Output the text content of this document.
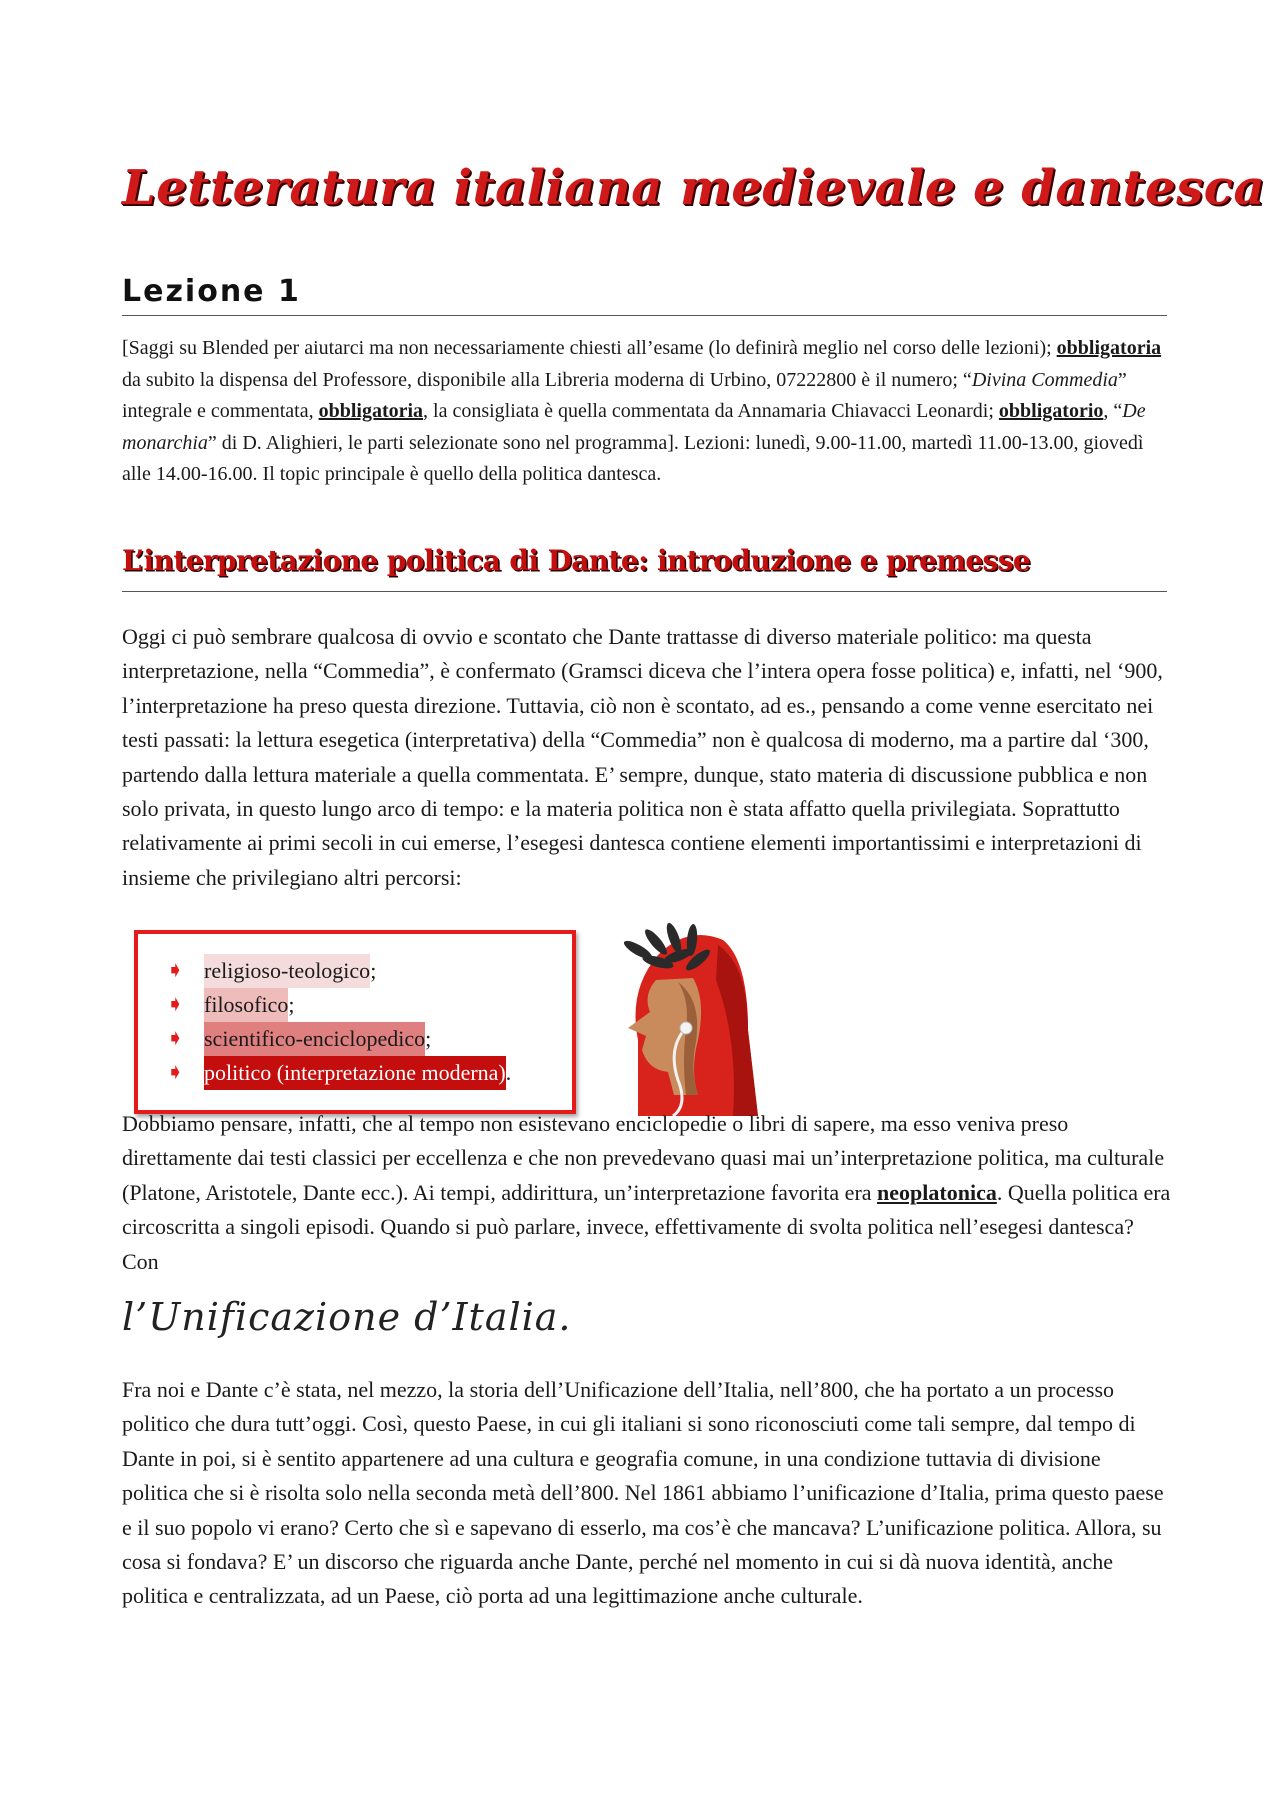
Letteratura italiana medievale e dantesca
Lezione 1
[Saggi su Blended per aiutarci ma non necessariamente chiesti all’esame (lo definirà meglio nel corso delle lezioni); obbligatoria da subito la dispensa del Professore, disponibile alla Libreria moderna di Urbino, 07222800 è il numero; “Divina Commedia” integrale e commentata, obbligatoria, la consigliata è quella commentata da Annamaria Chiavacci Leonardi; obbligatorio, “De monarchia” di D. Alighieri, le parti selezionate sono nel programma]. Lezioni: lunedì, 9.00-11.00, martedì 11.00-13.00, giovedì alle 14.00-16.00. Il topic principale è quello della politica dantesca.
L’interpretazione politica di Dante: introduzione e premesse
Oggi ci può sembrare qualcosa di ovvio e scontato che Dante trattasse di diverso materiale politico: ma questa interpretazione, nella “Commedia”, è confermato (Gramsci diceva che l’intera opera fosse politica) e, infatti, nel ‘900, l’interpretazione ha preso questa direzione. Tuttavia, ciò non è scontato, ad es., pensando a come venne esercitato nei testi passati: la lettura esegetica (interpretativa) della “Commedia” non è qualcosa di moderno, ma a partire dal ‘300, partendo dalla lettura materiale a quella commentata. E’ sempre, dunque, stato materia di discussione pubblica e non solo privata, in questo lungo arco di tempo: e la materia politica non è stata affatto quella privilegiata. Soprattutto relativamente ai primi secoli in cui emerse, l’esegesi dantesca contiene elementi importantissimi e interpretazioni di insieme che privilegiano altri percorsi:
➧ religioso-teologico ;
➧ filosofico ;
➧ scientifico-enciclopedico ;
➧ politico (interpretazione moderna) .
Dobbiamo pensare, infatti, che al tempo non esistevano enciclopedie o libri di sapere, ma esso veniva preso direttamente dai testi classici per eccellenza e che non prevedevano quasi mai un’interpretazione politica, ma culturale (Platone, Aristotele, Dante ecc.). Ai tempi, addirittura, un’interpretazione favorita era neoplatonica. Quella politica era circoscritta a singoli episodi. Quando si può parlare, invece, effettivamente di svolta politica nell’esegesi dantesca? Con
l’Unificazione d’Italia.
Fra noi e Dante c’è stata, nel mezzo, la storia dell’Unificazione dell’Italia, nell’800, che ha portato a un processo politico che dura tutt’oggi. Così, questo Paese, in cui gli italiani si sono riconosciuti come tali sempre, dal tempo di Dante in poi, si è sentito appartenere ad una cultura e geografia comune, in una condizione tuttavia di divisione politica che si è risolta solo nella seconda metà dell’800. Nel 1861 abbiamo l’unificazione d’Italia, prima questo paese e il suo popolo vi erano? Certo che sì e sapevano di esserlo, ma cos’è che mancava? L’unificazione politica. Allora, su cosa si fondava? E’ un discorso che riguarda anche Dante, perché nel momento in cui si dà nuova identità, anche politica e centralizzata, ad un Paese, ciò porta ad una legittimazione anche culturale.
